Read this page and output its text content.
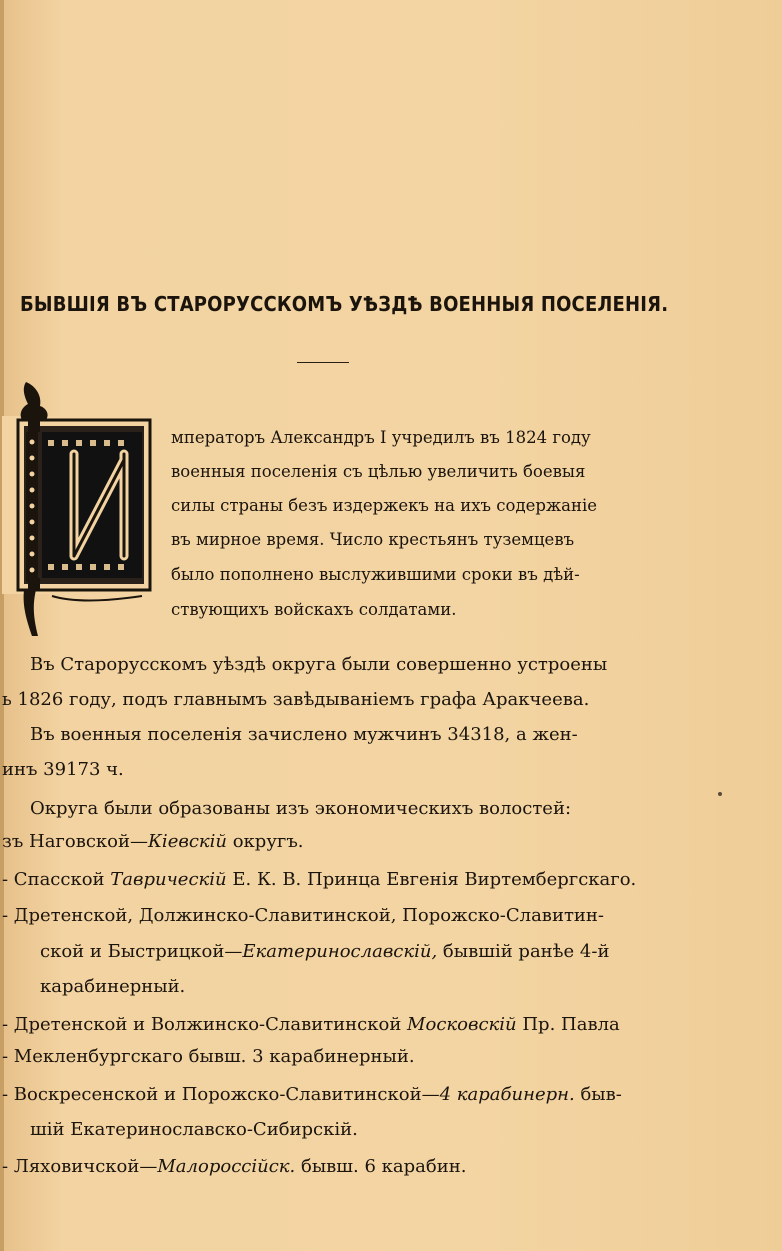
БЫВШІЯ ВЪ СТАРОРУССКОМЪ УѢЗДѢ ВОЕННЫЯ ПОСЕЛЕНІЯ.
И
мператоръ Александръ I учредилъ въ 1824 году
военныя поселенія съ цѣлью увеличить боевыя
силы страны безъ издержекъ на ихъ содержаніе
въ мирное время. Число крестьянъ туземцевъ
было пополнено выслужившими сроки въ дѣй-
ствующихъ войскахъ солдатами.
Въ Старорусскомъ уѣздѣ округа были совершенно устроены
ь 1826 году, подъ главнымъ завѣдываніемъ графа Аракчеева.
Въ военныя поселенія зачислено мужчинъ 34318, а жен-
инъ 39173 ч.
Округа были образованы изъ экономическихъ волостей:
зъ Наговской—Кіевскій округъ.
- Спасской Таврическій Е. К. В. Принца Евгенія Виртембергскаго.
- Дретенской, Должинско-Славитинской, Порожско-Славитин-
ской и Быстрицкой—Екатеринославскій, бывшій ранѣе 4-й
карабинерный.
- Дретенской и Волжинско-Славитинской Московскій Пр. Павла
- Мекленбургскаго бывш. 3 карабинерный.
- Воскресенской и Порожско-Славитинской—4 карабинерн. быв-
шій Екатеринославско-Сибирскій.
- Ляховичской—Малороссійск. бывш. 6 карабин.
